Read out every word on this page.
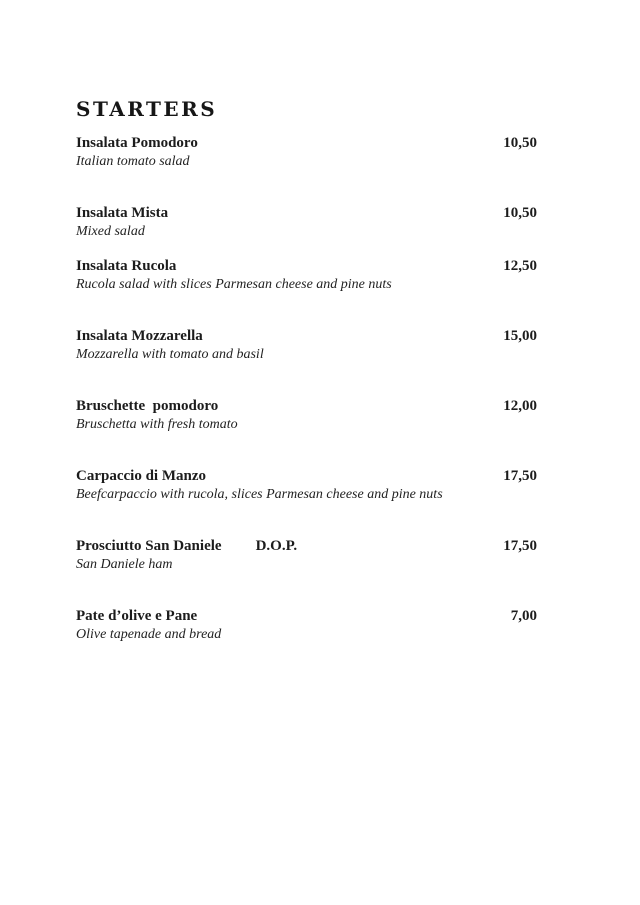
STARTERS
Insalata Pomodoro	10,50
Italian tomato salad
Insalata Mista	10,50
Mixed salad
Insalata Rucola	12,50
Rucola salad with slices Parmesan cheese and pine nuts
Insalata Mozzarella	15,00
Mozzarella with tomato and basil
Bruschette  pomodoro	12,00
Bruschetta with fresh tomato
Carpaccio di Manzo	17,50
Beefcarpaccio with rucola, slices Parmesan cheese and pine nuts
Prosciutto San Daniele D.O.P.	17,50
San Daniele ham
Pate d’olive e Pane	7,00
Olive tapenade and bread
